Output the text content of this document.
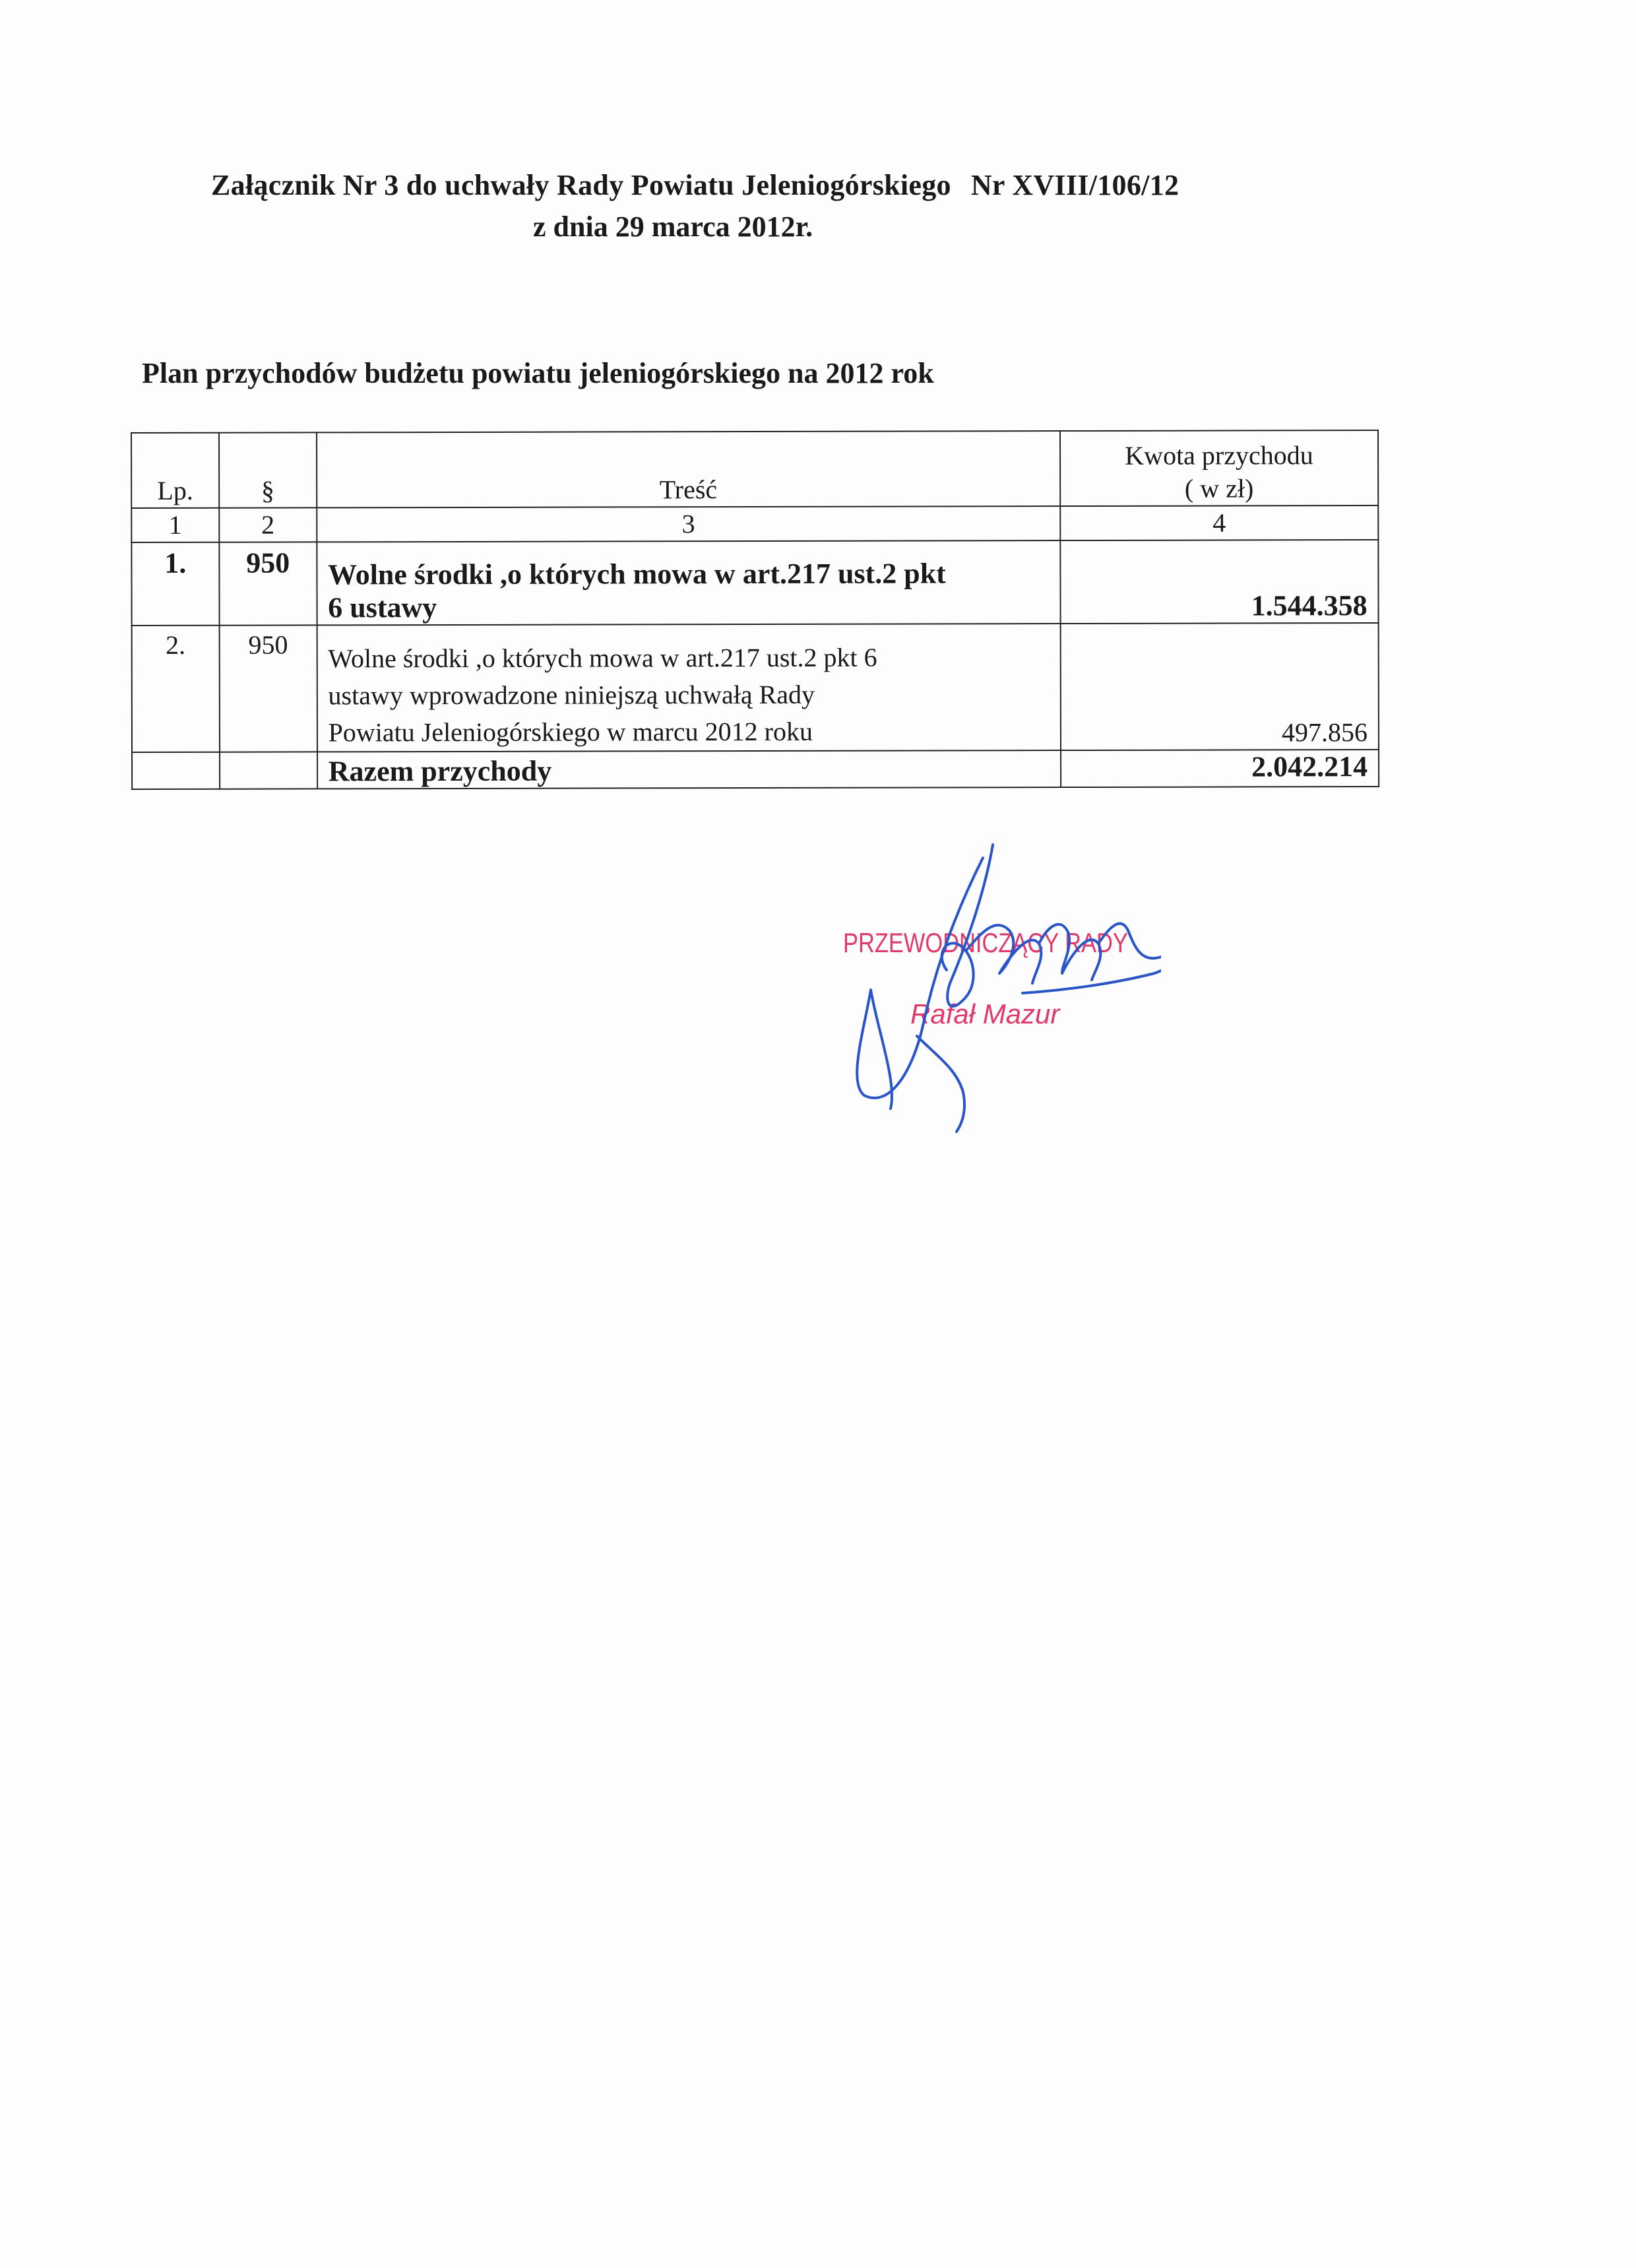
Załącznik Nr 3 do uchwały Rady Powiatu Jeleniogórskiego Nr XVIII/106/12
z dnia 29 marca 2012r.
Plan przychodów budżetu powiatu jeleniogórskiego na 2012 rok
Lp.	§	Treść	Kwota przychodu
( w zł)

1	2	3	4
1.	950	Wolne środki ,o których mowa w art.217 ust.2 pkt
6 ustawy	1.544.358
2.	950	Wolne środki ,o których mowa w art.217 ust.2 pkt 6
ustawy wprowadzone niniejszą uchwałą Rady
Powiatu Jeleniogórskiego w marcu 2012 roku	497.856
		Razem przychody	2.042.214
PRZEWODNICZĄCY RADY
Rafał Mazur
